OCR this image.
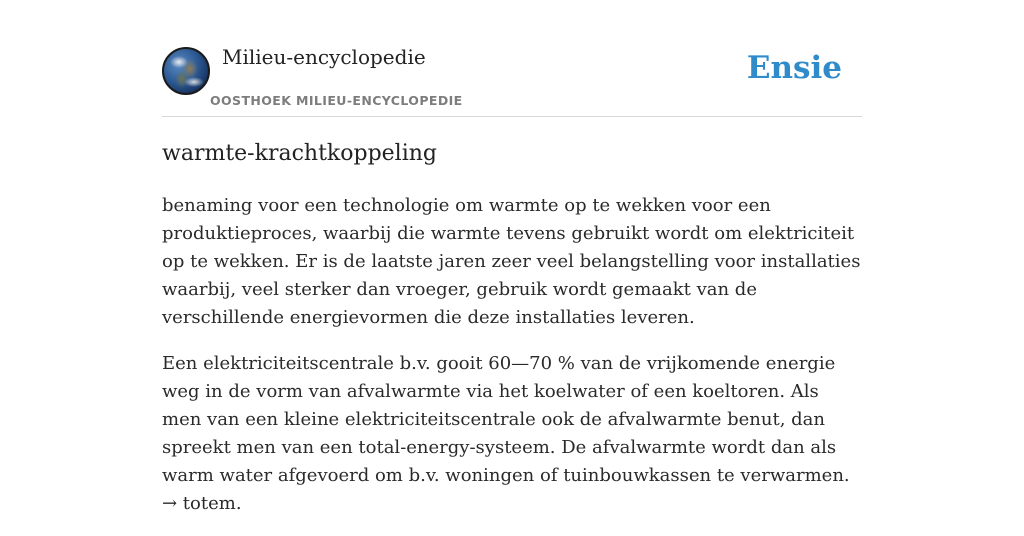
Milieu-encyclopedie
OOSTHOEK MILIEU-ENCYCLOPEDIE
Ensie
warmte-krachtkoppeling

benaming voor een technologie om warmte op te wekken voor een produktieproces, waarbij die warmte tevens gebruikt wordt om elektriciteit op te wekken. Er is de laatste jaren zeer veel belangstelling voor installaties waarbij, veel sterker dan vroeger, gebruik wordt gemaakt van de verschillende energievormen die deze installaties leveren.

Een elektriciteitscentrale b.v. gooit 60—70 % van de vrijkomende energie weg in de vorm van afvalwarmte via het koelwater of een koeltoren. Als men van een kleine elektriciteitscentrale ook de afvalwarmte benut, dan spreekt men van een total-energy-systeem. De afvalwarmte wordt dan als warm water afgevoerd om b.v. woningen of tuinbouwkassen te verwarmen. → totem.
